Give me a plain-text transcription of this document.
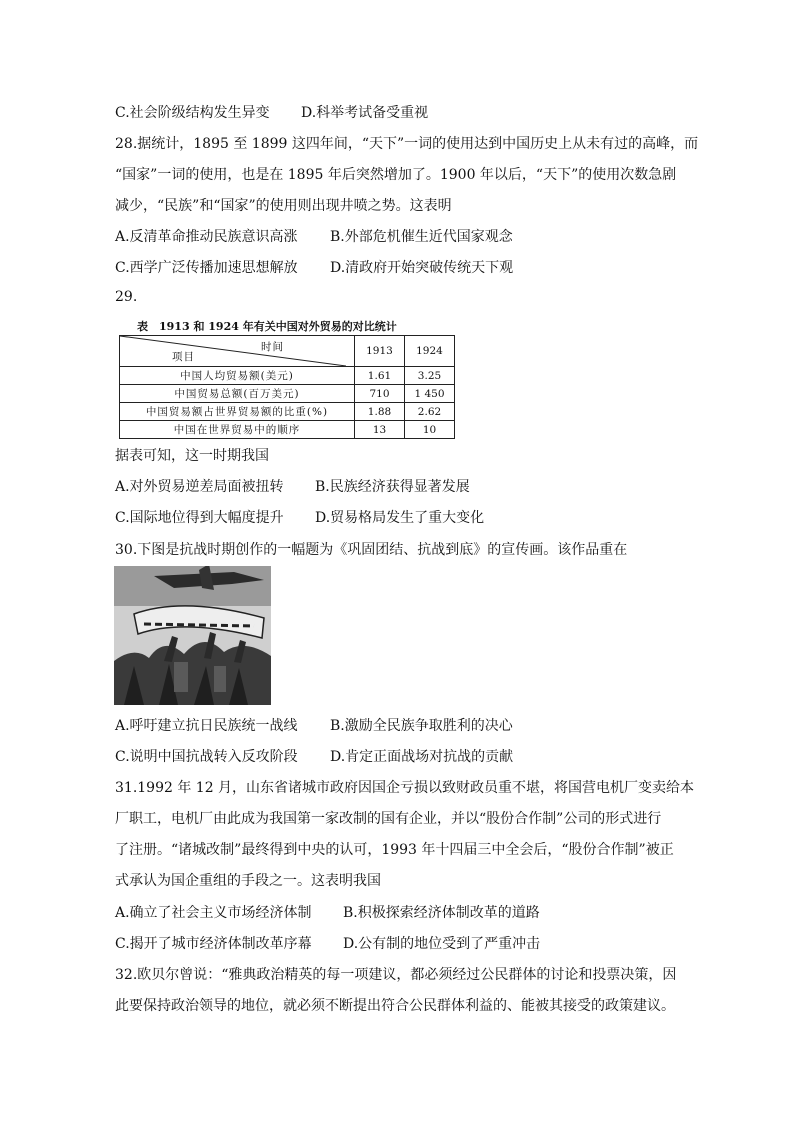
C.社会阶级结构发生异变 D.科举考试备受重视
28.据统计，1895 至 1899 这四年间，“天下”一词的使用达到中国历史上从未有过的高峰，而
“国家”一词的使用，也是在 1895 年后突然增加了。1900 年以后，“天下”的使用次数急剧
减少，“民族”和“国家”的使用则出现井喷之势。这表明
A.反清革命推动民族意识高涨 B.外部危机催生近代国家观念
C.西学广泛传播加速思想解放 D.清政府开始突破传统天下观
29.
表　1913 和 1924 年有关中国对外贸易的对比统计
时间
项目	1913	1924
中国人均贸易额(美元)	1.61	3.25
中国贸易总额(百万美元)	710	1 450
中国贸易额占世界贸易额的比重(%)	1.88	2.62
中国在世界贸易中的顺序	13	10
据表可知，这一时期我国
A.对外贸易逆差局面被扭转 B.民族经济获得显著发展
C.国际地位得到大幅度提升 D.贸易格局发生了重大变化
30.下图是抗战时期创作的一幅题为《巩固团结、抗战到底》的宣传画。该作品重在
A.呼吁建立抗日民族统一战线 B.激励全民族争取胜利的决心
C.说明中国抗战转入反攻阶段 D.肯定正面战场对抗战的贡献
31.1992 年 12 月，山东省诸城市政府因国企亏损以致财政员重不堪，将国营电机厂变卖给本
厂职工，电机厂由此成为我国第一家改制的国有企业，并以“股份合作制”公司的形式进行
了注册。“诸城改制”最终得到中央的认可，1993 年十四届三中全会后，“股份合作制”被正
式承认为国企重组的手段之一。这表明我国
A.确立了社会主义市场经济体制 B.积极探索经济体制改革的道路
C.揭开了城市经济体制改革序幕 D.公有制的地位受到了严重冲击
32.欧贝尔曾说：“雅典政治精英的每一项建议，都必须经过公民群体的讨论和投票决策，因
此要保持政治领导的地位，就必须不断提出符合公民群体利益的、能被其接受的政策建议。
